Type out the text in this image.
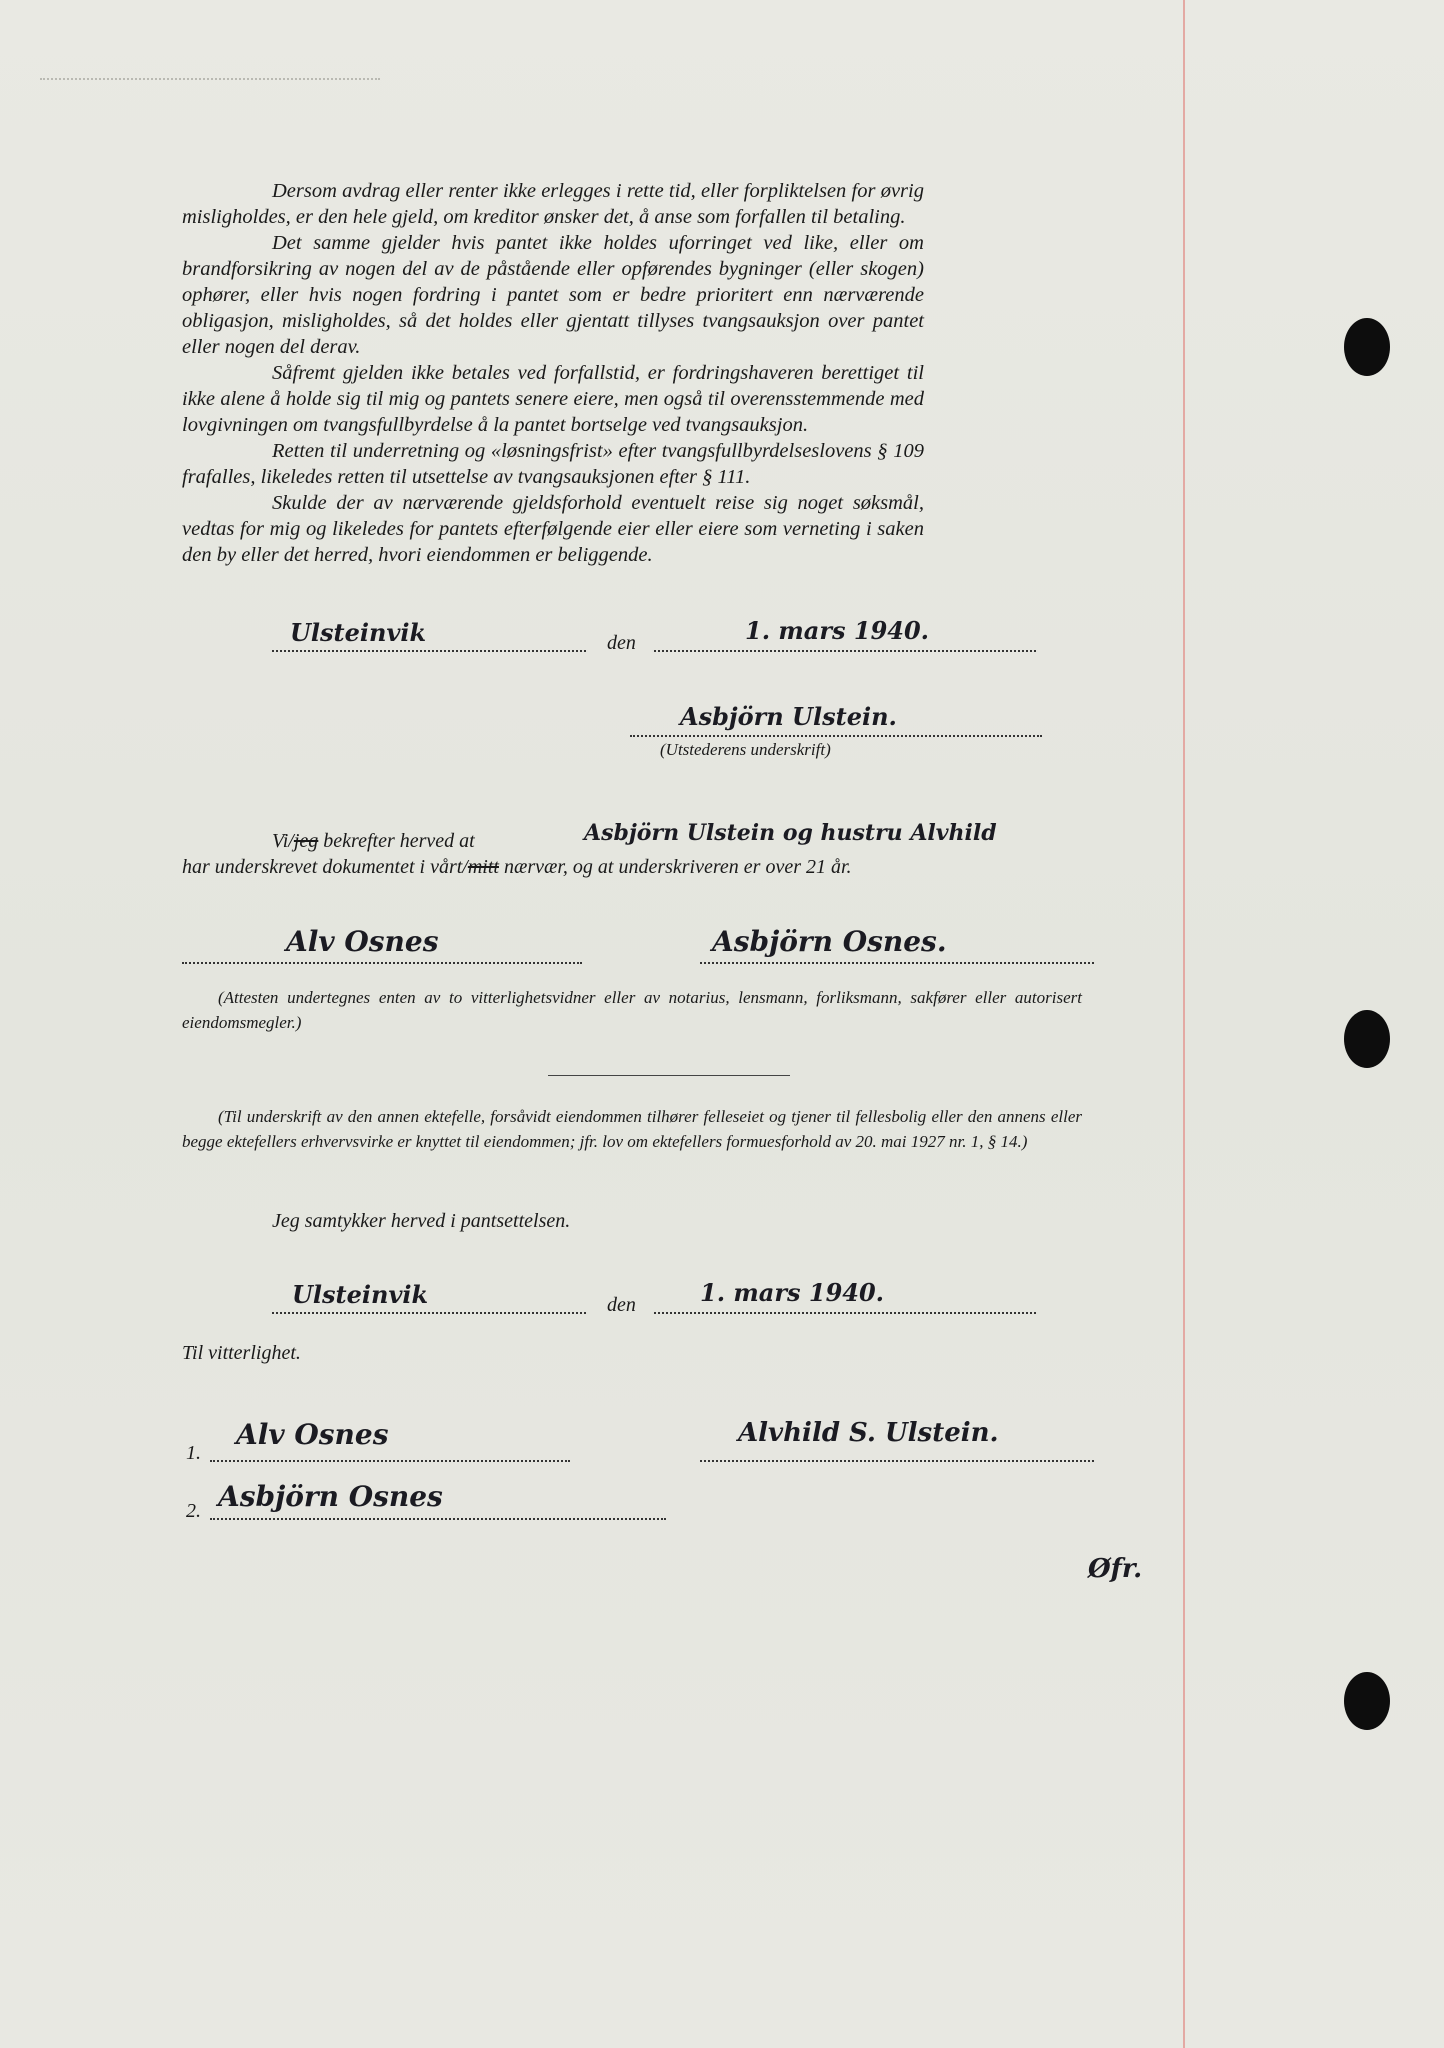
Dersom avdrag eller renter ikke erlegges i rette tid, eller forpliktelsen for øvrig misligholdes, er den hele gjeld, om kreditor ønsker det, å anse som forfallen til betaling.

Det samme gjelder hvis pantet ikke holdes uforringet ved like, eller om brandforsikring av nogen del av de påstående eller opførendes bygninger (eller skogen) ophører, eller hvis nogen fordring i pantet som er bedre prioritert enn nærværende obligasjon, misligholdes, så det holdes eller gjentatt tillyses tvangsauksjon over pantet eller nogen del derav.

Såfremt gjelden ikke betales ved forfallstid, er fordringshaveren berettiget til ikke alene å holde sig til mig og pantets senere eiere, men også til overensstemmende med lovgivningen om tvangsfullbyrdelse å la pantet bortselge ved tvangsauksjon.

Retten til underretning og «løsningsfrist» efter tvangsfullbyrdelseslovens § 109 frafalles, likeledes retten til utsettelse av tvangsauksjonen efter § 111.

Skulde der av nærværende gjeldsforhold eventuelt reise sig noget søksmål, vedtas for mig og likeledes for pantets efterfølgende eier eller eiere som verneting i saken den by eller det herred, hvori eiendommen er beliggende.

Ulsteinvik	den	1. mars 1940.
Asbjörn Ulstein.
(Utstederens underskrift)
Vi/jeg bekrefter herved at	Asbjörn Ulstein og hustru Alvhild
har underskrevet dokumentet i vårt/mitt nærvær, og at underskriveren er over 21 år.
Alv Osnes	Asbjörn Osnes.

(Attesten undertegnes enten av to vitterlighetsvidner eller av notarius, lensmann, forliksmann, sakfører eller autorisert eiendomsmegler.)

(Til underskrift av den annen ektefelle, forsåvidt eiendommen tilhører felleseiet og tjener til fellesbolig eller den annens eller begge ektefellers erhvervsvirke er knyttet til eiendommen; jfr. lov om ektefellers formuesforhold av 20. mai 1927 nr. 1, § 14.)

Jeg samtykker herved i pantsettelsen.
Ulsteinvik	den	1. mars 1940.
Til vitterlighet.
1.
Alv Osnes	Alvhild S. Ulstein.
2. Asbjörn Osnes
Øfr.
